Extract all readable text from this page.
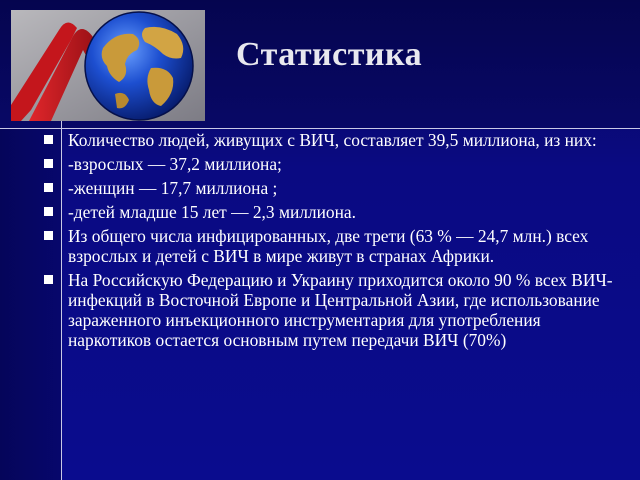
Статистика
Количество людей, живущих с ВИЧ, составляет 39,5 миллиона, из них:
-взрослых — 37,2 миллиона;
-женщин — 17,7 миллиона ;
-детей младше 15 лет — 2,3 миллиона.
Из общего числа инфицированных, две трети (63 % — 24,7 млн.) всех взрослых и детей с ВИЧ в мире живут в странах Африки.
На Российскую Федерацию и Украину приходится около 90 % всех ВИЧ-инфекций в Восточной Европе и Центральной Азии, где использование зараженного инъекционного инструментария для употребления наркотиков остается основным путем передачи ВИЧ (70%)
